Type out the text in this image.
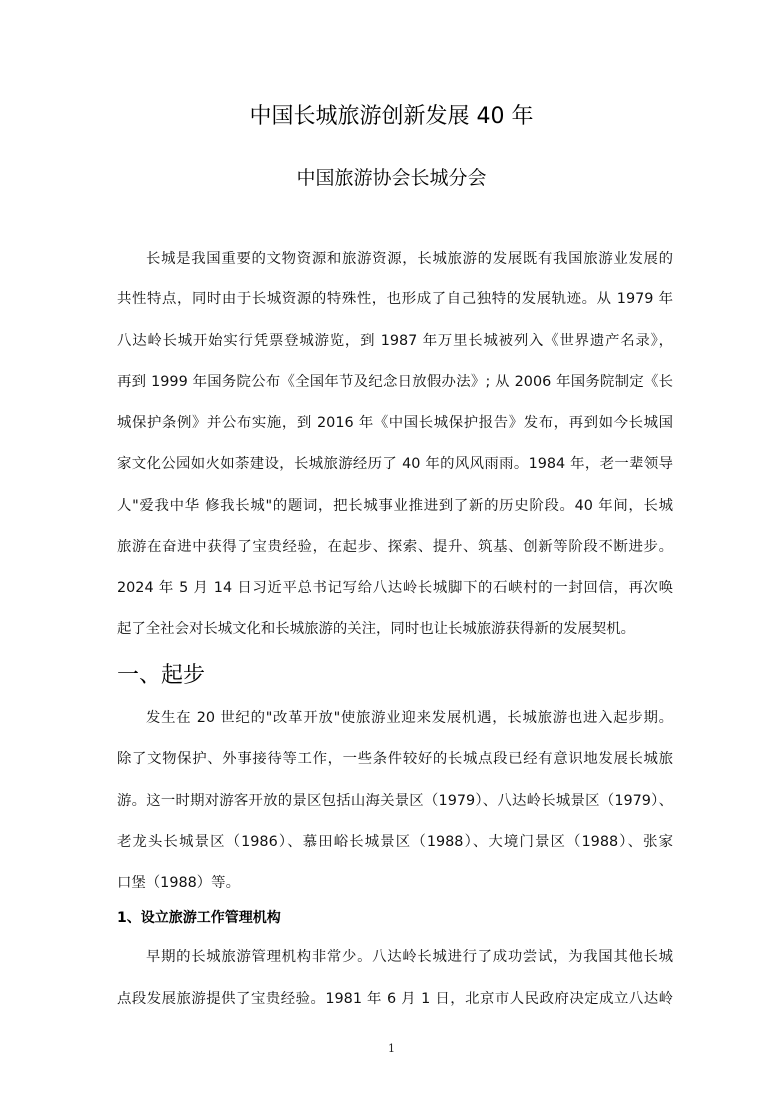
中国长城旅游创新发展 40 年
中国旅游协会长城分会
长城是我国重要的文物资源和旅游资源，长城旅游的发展既有我国旅游业发展的
共性特点，同时由于长城资源的特殊性，也形成了自己独特的发展轨迹。从 1979 年
八达岭长城开始实行凭票登城游览，到 1987 年万里长城被列入《世界遗产名录》，
再到 1999 年国务院公布《全国年节及纪念日放假办法》; 从 2006 年国务院制定《长
城保护条例》并公布实施，到 2016 年《中国长城保护报告》发布，再到如今长城国
家文化公园如火如荼建设，长城旅游经历了 40 年的风风雨雨。1984 年，老一辈领导
人"爱我中华 修我长城"的题词，把长城事业推进到了新的历史阶段。40 年间，长城
旅游在奋进中获得了宝贵经验，在起步、探索、提升、筑基、创新等阶段不断进步。
2024 年 5 月 14 日习近平总书记写给八达岭长城脚下的石峡村的一封回信，再次唤
起了全社会对长城文化和长城旅游的关注，同时也让长城旅游获得新的发展契机。
一、起步
发生在 20 世纪的"改革开放"使旅游业迎来发展机遇，长城旅游也进入起步期。
除了文物保护、外事接待等工作，一些条件较好的长城点段已经有意识地发展长城旅
游。这一时期对游客开放的景区包括山海关景区（1979）、八达岭长城景区（1979）、
老龙头长城景区（1986）、慕田峪长城景区（1988）、大境门景区（1988）、张家
口堡（1988）等。
1、设立旅游工作管理机构
早期的长城旅游管理机构非常少。八达岭长城进行了成功尝试，为我国其他长城
点段发展旅游提供了宝贵经验。1981 年 6 月 1 日，北京市人民政府决定成立八达岭
1
